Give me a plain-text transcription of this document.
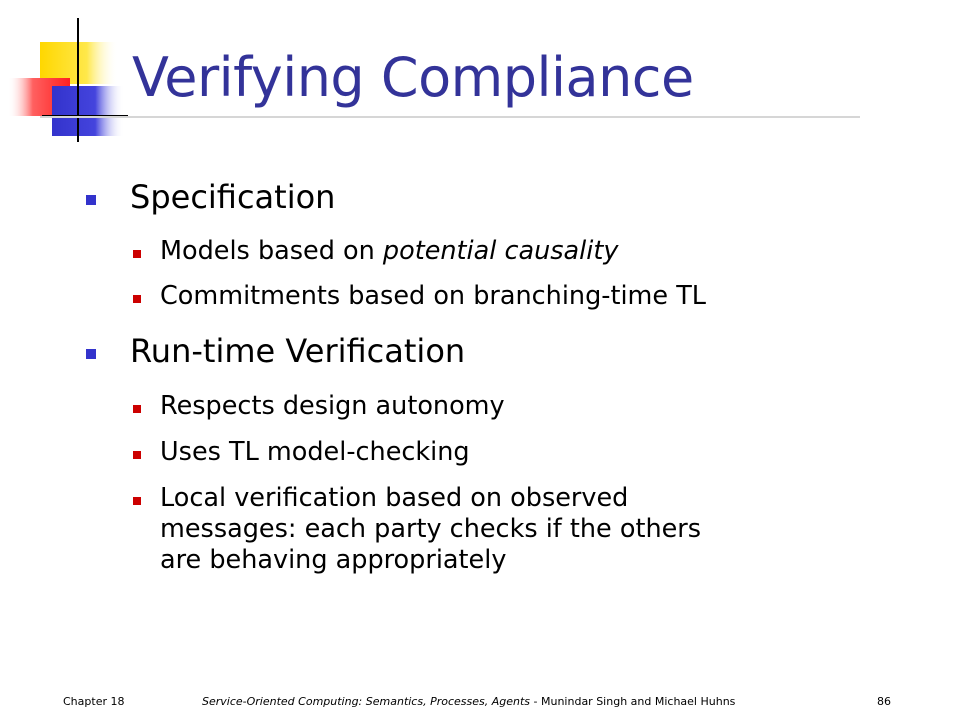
Verifying Compliance
Specification
Models based on potential causality
Commitments based on branching-time TL
Run-time Verification
Respects design autonomy
Uses TL model-checking
Local verification based on observed
messages: each party checks if the others
are behaving appropriately
Chapter 18	Service-Oriented Computing: Semantics, Processes, Agents - Munindar Singh and Michael Huhns	86
